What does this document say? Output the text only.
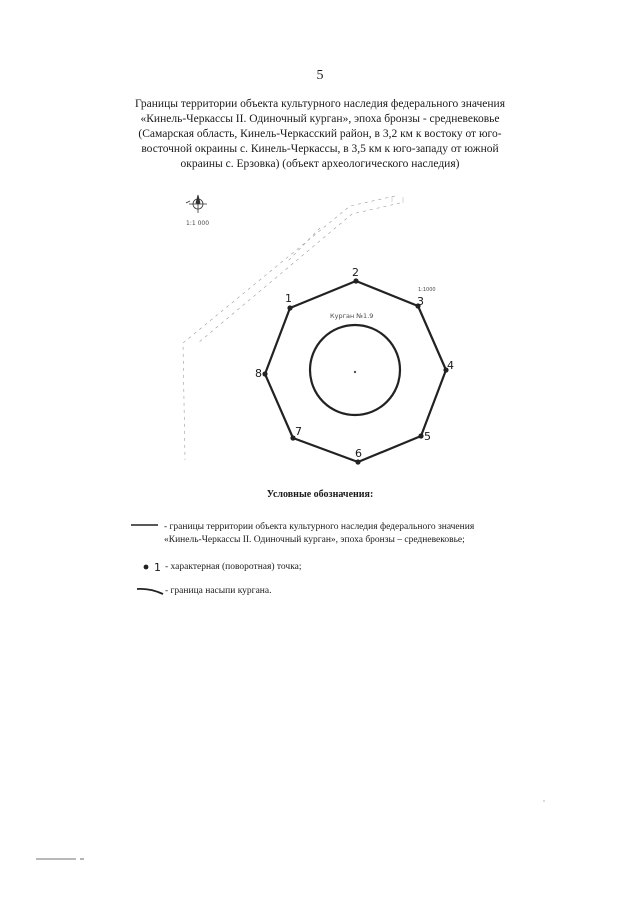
5
Границы территории объекта культурного наследия федерального значения
«Кинель-Черкассы II. Одиночный курган», эпоха бронзы - средневековье
(Самарская область, Кинель-Черкасский район, в 3,2 км к востоку от юго-
восточной окраины с. Кинель-Черкассы, в 3,5 км к юго-западу от южной
окраины с. Ерзовка) (объект археологического наследия)
1:1 000
Курган №1.9
1:1000
1
2
3
4
5
6
7
8
1
Условные обозначения:
- границы территории объекта культурного наследия федерального значения
«Кинель-Черкассы II. Одиночный курган», эпоха бронзы – средневековье;
- характерная (поворотная) точка;
- граница насыпи кургана.
